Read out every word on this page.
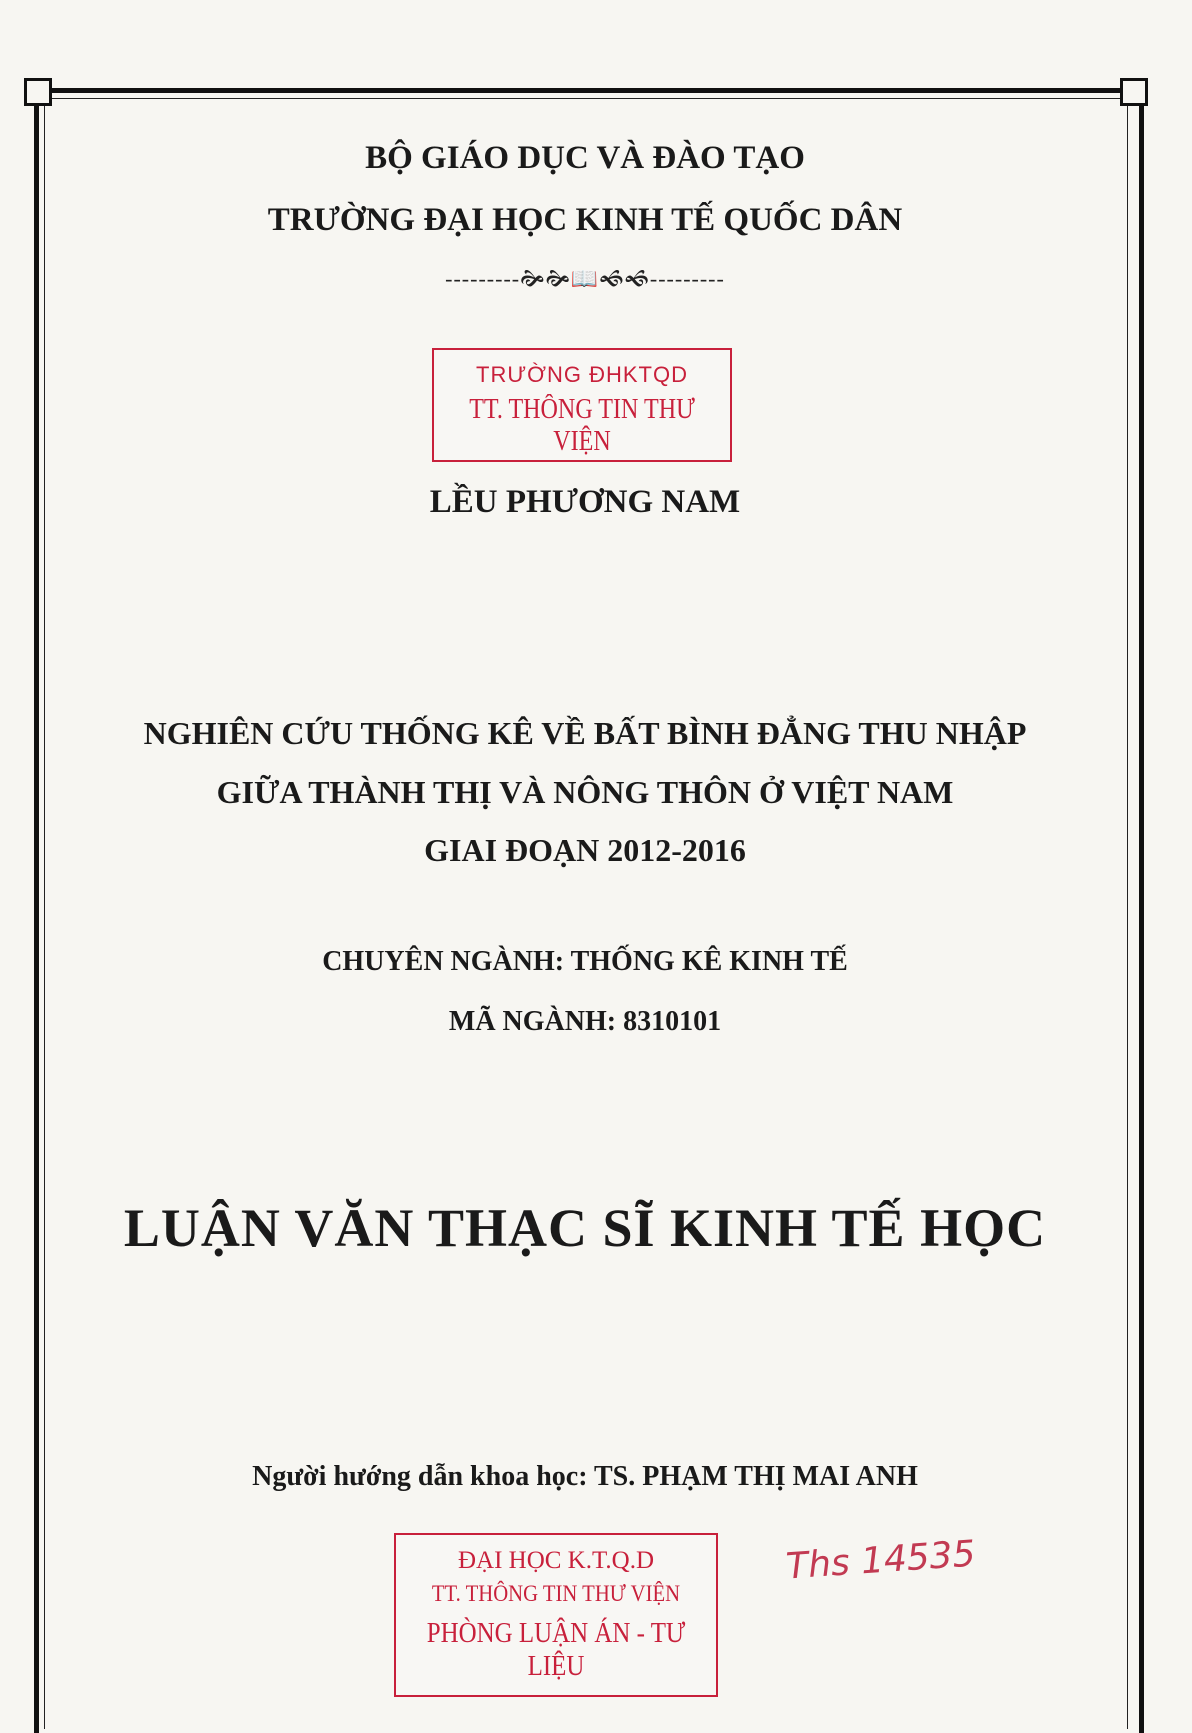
BỘ GIÁO DỤC VÀ ĐÀO TẠO
TRƯỜNG ĐẠI HỌC KINH TẾ QUỐC DÂN
---------🙞🙞📖🙜🙜---------
TRƯỜNG ĐHKTQD
TT. THÔNG TIN THƯ VIỆN
LỀU PHƯƠNG NAM
NGHIÊN CỨU THỐNG KÊ VỀ BẤT BÌNH ĐẲNG THU NHẬP
GIỮA THÀNH THỊ VÀ NÔNG THÔN Ở VIỆT NAM
GIAI ĐOẠN 2012-2016
CHUYÊN NGÀNH: THỐNG KÊ KINH TẾ
MÃ NGÀNH: 8310101
LUẬN VĂN THẠC SĨ KINH TẾ HỌC
Người hướng dẫn khoa học: TS. PHẠM THỊ MAI ANH
ĐẠI HỌC K.T.Q.D
TT. THÔNG TIN THƯ VIỆN
PHÒNG LUẬN ÁN - TƯ LIỆU
Ths 14535
